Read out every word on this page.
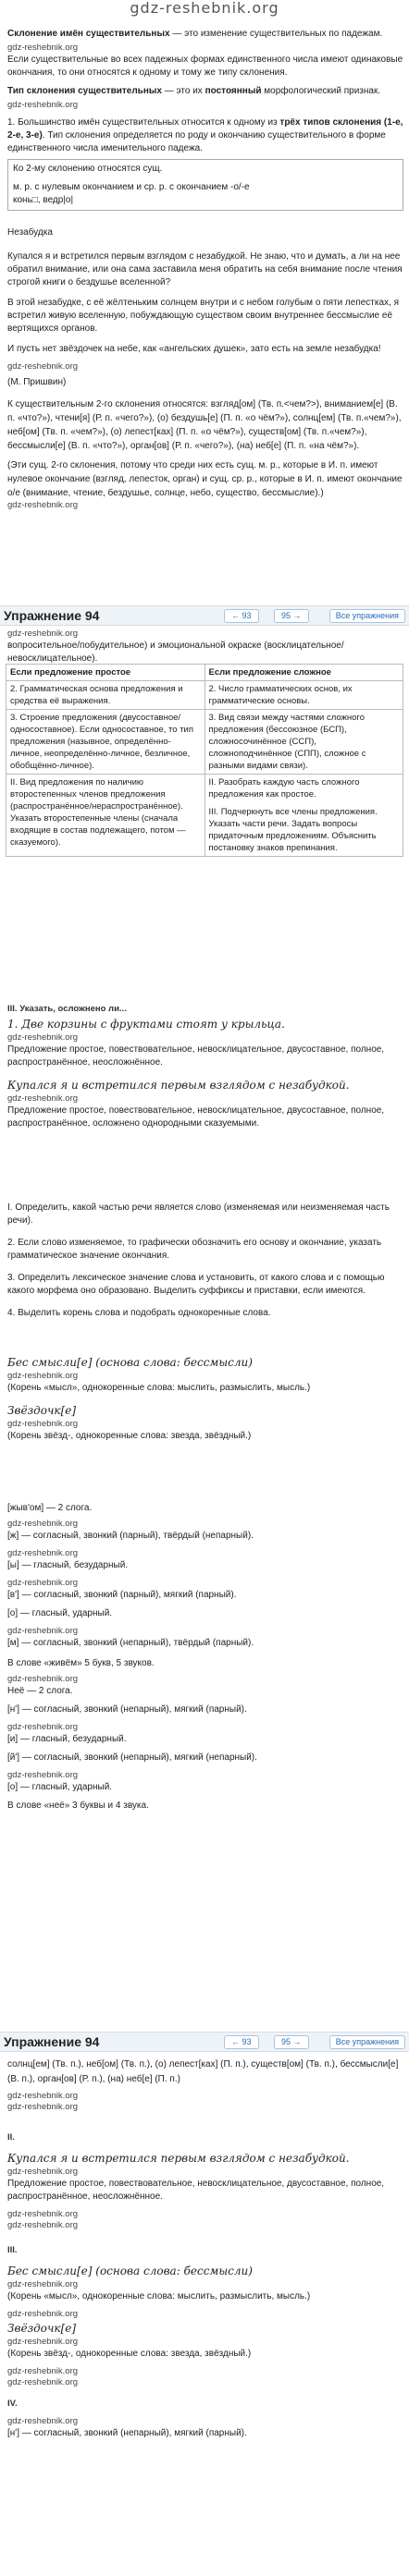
gdz-reshebnik.org

Склонение имён существительных — это изменение существительных по падежам.

gdz-reshebnik.org

Если существительные во всех падежных формах единственного числа имеют одинаковые окончания, то они относятся к одному и тому же типу склонения.

Тип склонения существительных — это их постоянный морфологический признак.

gdz-reshebnik.org

1. Большинство имён существительных относится к одному из трёх типов склонения (1-е, 2-е, 3-е). Тип склонения определяется по роду и окончанию существительного в форме единственного числа именительного падежа.

Ко 2-му склонению относятся сущ.

м. р. с нулевым окончанием и ср. р. с окончанием -о/-е

конь□, ведр|о|

Незабудка

Купался я и встретился первым взглядом с незабудкой. Не знаю, что и думать, а ли на нее обратил внимание, или она сама заставила меня обратить на себя внимание после чтения строгой книги о бездушье вселенной?

В этой незабудке, с её жёлтеньким солнцем внутри и с небом голубым о пяти лепестках, я встретил живую вселенную, побуждающую существом своим внутреннее бессмыслие её вертящихся органов.

И пусть нет звёздочек на небе, как «ангельских душек», зато есть на земле незабудка!

gdz-reshebnik.org

(М. Пришвин)

К существительным 2-го склонения относятся: взгляд[ом] (Тв. п.<чем?>), вниманием[е] (В. п. «что?»), чтени[я] (Р. п. «чего?»), (о) бездушь[е] (П. п. «о чём?»), солнц[ем] (Тв. п.«чем?»), неб[ом] (Тв. п. «чем?»), (о) лепест[ках] (П. п. «о чём?»), существ[ом] (Тв. п.«чем?»), бессмысли[е] (В. п. «что?»), орган[ов] (Р. п. «чего?»), (на) неб[е] (П. п. «на чём?»).

(Эти сущ. 2-го склонения, потому что среди них есть сущ. м. р., которые в И. п. имеют нулевое окончание (взгляд, лепесток, орган) и сущ. ср. р., которые в И. п. имеют окончание о/е (внимание, чтение, бездушье, солнце, небо, существо, бессмыслие).)

gdz-reshebnik.org
Упражнение 94	← 93	95 →	Все упражнения
gdz-reshebnik.org

вопросительное/побудительное) и эмоциональной окраске (восклицательное/невосклицательное).

Если предложение простое	Если предложение сложное
2. Грамматическая основа предложения и средства её выражения.	2. Число грамматических основ, их грамматические основы.
3. Строение предложения (двусоставное/односоставное). Если односоставное, то тип предложения (назывное, определённо-личное, неопределённо-личное, безличное, обобщённо-личное).	3. Вид связи между частями сложного предложения (бессоюзное (БСП), сложносочинённое (ССП), сложноподчинённое (СПП), сложное с разными видами связи).
II. Вид предложения по наличию второстепенных членов предложения (распространённое/нераспространённое). Указать второстепенные члены (сначала входящие в состав подлежащего, потом — сказуемого).	II. Разобрать каждую часть сложного предложения как простое.

III. Подчеркнуть все члены предложения. Указать части речи. Задать вопросы придаточным предложениям. Объяснить постановку знаков препинания.

III. Указать, осложнено ли...

1. Две корзины с фруктами стоят у крыльца.

gdz-reshebnik.org

Предложение простое, повествовательное, невосклицательное, двусоставное, полное, распространённое, неосложнённое.

Купался я и встретился первым взглядом с незабудкой.

gdz-reshebnik.org

Предложение простое, повествовательное, невосклицательное, двусоставное, полное, распространённое, осложнено однородными сказуемыми.

I. Определить, какой частью речи является слово (изменяемая или неизменяемая часть речи).

2. Если слово изменяемое, то графически обозначить его основу и окончание, указать грамматическое значение окончания.

3. Определить лексическое значение слова и установить, от какого слова и с помощью какого морфема оно образовано. Выделить суффиксы и приставки, если имеются.

4. Выделить корень слова и подобрать однокоренные слова.

Бес смысли[е] (основа слова: бессмысли)

gdz-reshebnik.org

(Корень «мысл», однокоренные слова: мыслить, размыслить, мысль.)

Звёздочк[е]

gdz-reshebnik.org

(Корень звёзд-, однокоренные слова: звезда, звёздный.)

[жыв'ом] — 2 слога.

gdz-reshebnik.org

[ж] — согласный, звонкий (парный), твёрдый (непарный).

gdz-reshebnik.org

[ы] — гласный, безударный.

gdz-reshebnik.org

[в'] — согласный, звонкий (парный), мягкий (парный).

[о] — гласный, ударный.

gdz-reshebnik.org

[м] — согласный, звонкий (непарный), твёрдый (парный).

В слове «живём» 5 букв, 5 звуков.

gdz-reshebnik.org

Неё — 2 слога.

[н'] — согласный, звонкий (непарный), мягкий (парный).

gdz-reshebnik.org

[и] — гласный, безударный.

[й'] — согласный, звонкий (непарный), мягкий (непарный).

gdz-reshebnik.org

[о] — гласный, ударный.

В слове «неё» 3 буквы и 4 звука.

Упражнение 94	← 93	95 →	Все упражнения

солнц[ем] (Тв. п.), неб[ом] (Тв. п.), (о) лепест[ках] (П. п.), существ[ом] (Тв. п.), бессмысли[е] (В. п.), орган[ов] (Р. п.), (на) неб[е] (П. п.)

gdz-reshebnik.org
gdz-reshebnik.org

II.

Купался я и встретился первым взглядом с незабудкой.

gdz-reshebnik.org

Предложение простое, повествовательное, невосклицательное, двусоставное, полное, распространённое, неосложнённое.

gdz-reshebnik.org
gdz-reshebnik.org

III.

Бес смысли[е] (основа слова: бессмысли)

gdz-reshebnik.org

(Корень «мысл», однокоренные слова: мыслить, размыслить, мысль.)

gdz-reshebnik.org

Звёздочк[е]

gdz-reshebnik.org

(Корень звёзд-, однокоренные слова: звезда, звёздный.)

gdz-reshebnik.org
gdz-reshebnik.org

IV.

gdz-reshebnik.org

[н'] — согласный, звонкий (непарный), мягкий (парный).
